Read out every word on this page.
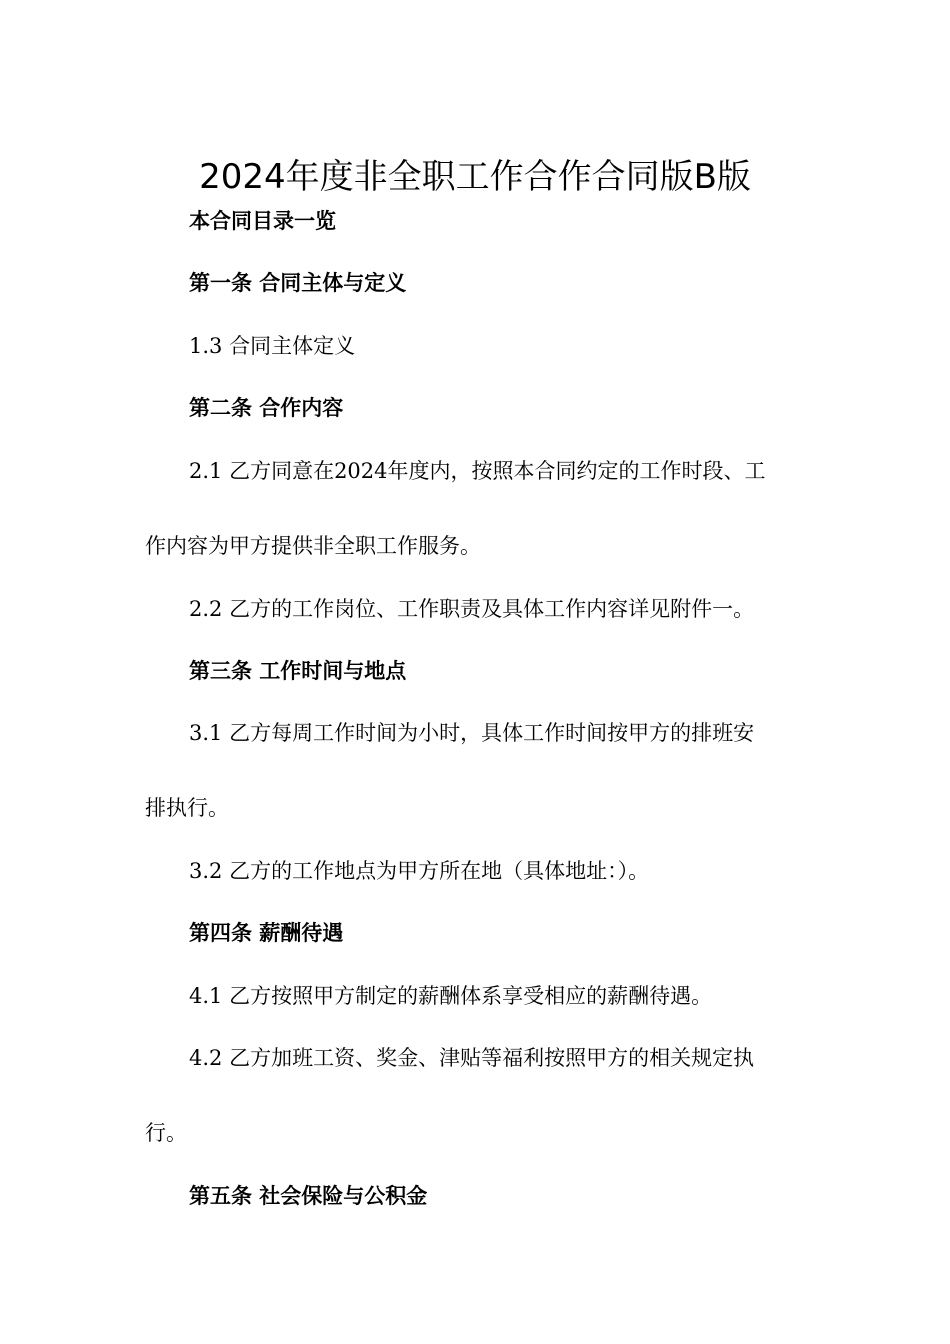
2024年度非全职工作合作合同版B版
本合同目录一览
第一条 合同主体与定义
1.3 合同主体定义
第二条 合作内容
2.1 乙方同意在2024年度内，按照本合同约定的工作时段、工
作内容为甲方提供非全职工作服务。
2.2 乙方的工作岗位、工作职责及具体工作内容详见附件一。
第三条 工作时间与地点
3.1 乙方每周工作时间为小时，具体工作时间按甲方的排班安
排执行。
3.2 乙方的工作地点为甲方所在地（具体地址：）。
第四条 薪酬待遇
4.1 乙方按照甲方制定的薪酬体系享受相应的薪酬待遇。
4.2 乙方加班工资、奖金、津贴等福利按照甲方的相关规定执
行。
第五条 社会保险与公积金
